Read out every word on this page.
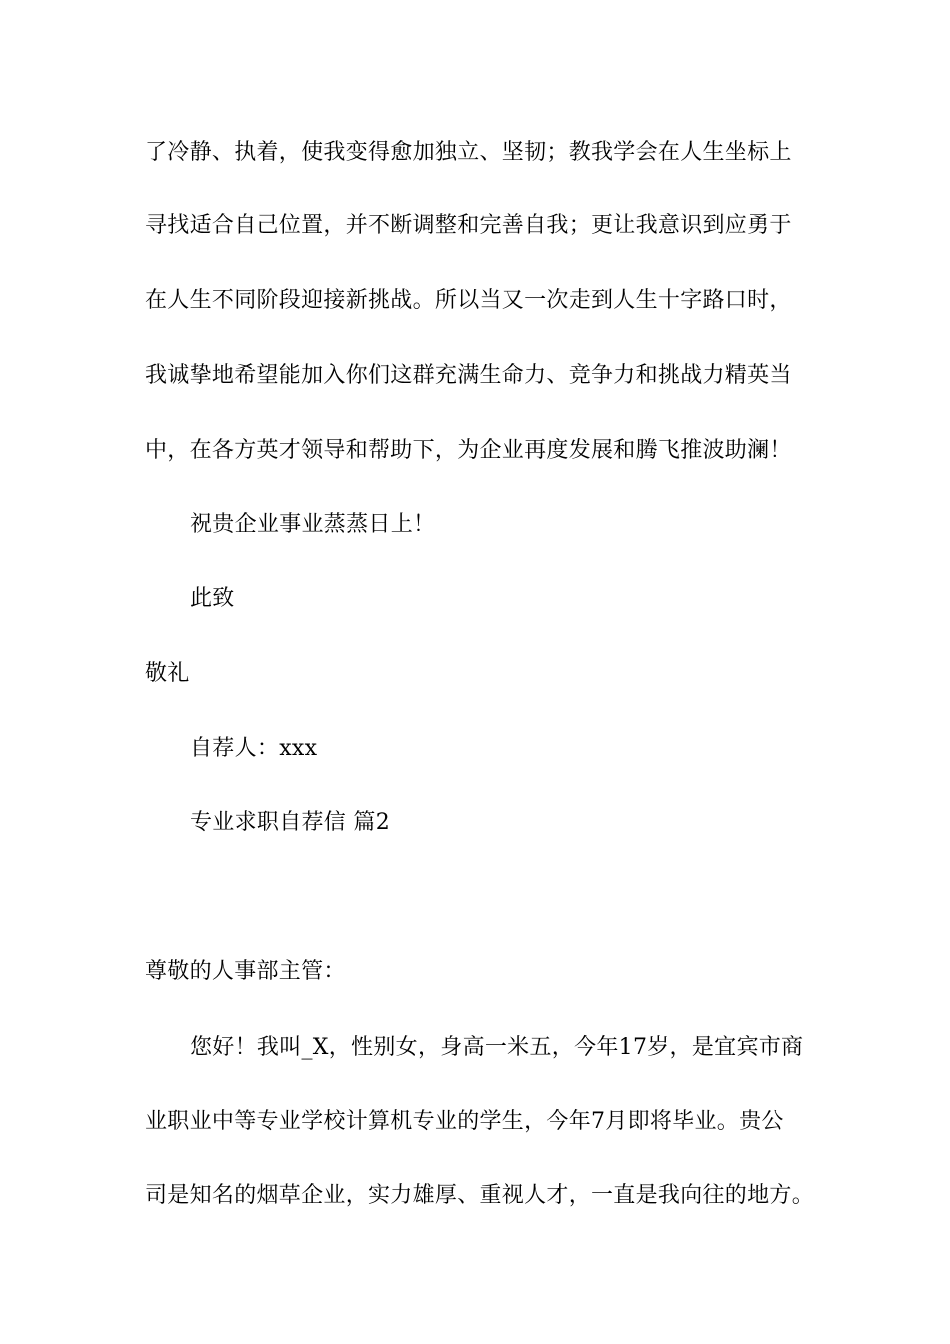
了冷静、执着，使我变得愈加独立、坚韧；教我学会在人生坐标上
寻找适合自己位置，并不断调整和完善自我；更让我意识到应勇于
在人生不同阶段迎接新挑战。所以当又一次走到人生十字路口时，
我诚挚地希望能加入你们这群充满生命力、竞争力和挑战力精英当
中，在各方英才领导和帮助下，为企业再度发展和腾飞推波助澜！
祝贵企业事业蒸蒸日上！
此致
敬礼
自荐人：xxx
专业求职自荐信 篇2
尊敬的人事部主管：
您好！我叫_X，性别女，身高一米五，今年17岁，是宜宾市商
业职业中等专业学校计算机专业的学生，今年7月即将毕业。贵公
司是知名的烟草企业，实力雄厚、重视人才，一直是我向往的地方。
